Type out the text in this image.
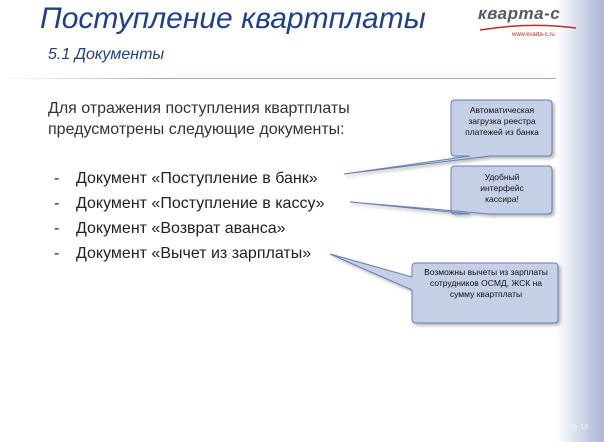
Поступление квартплаты
5.1 Документы
кварта-с
www.kvarta-c.ru
Для отражения поступления квартплаты предусмотрены следующие документы:
- Документ «Поступление в банк»
- Документ «Поступление в кассу»
- Документ «Возврат аванса»
- Документ «Вычет из зарплаты»
Автоматическая загрузка реестра платежей из банка
Удобный интерфейс кассира!
Возможны вычеты из зарплаты сотрудников ОСМД, ЖСК на сумму квартплаты
стр. 10
